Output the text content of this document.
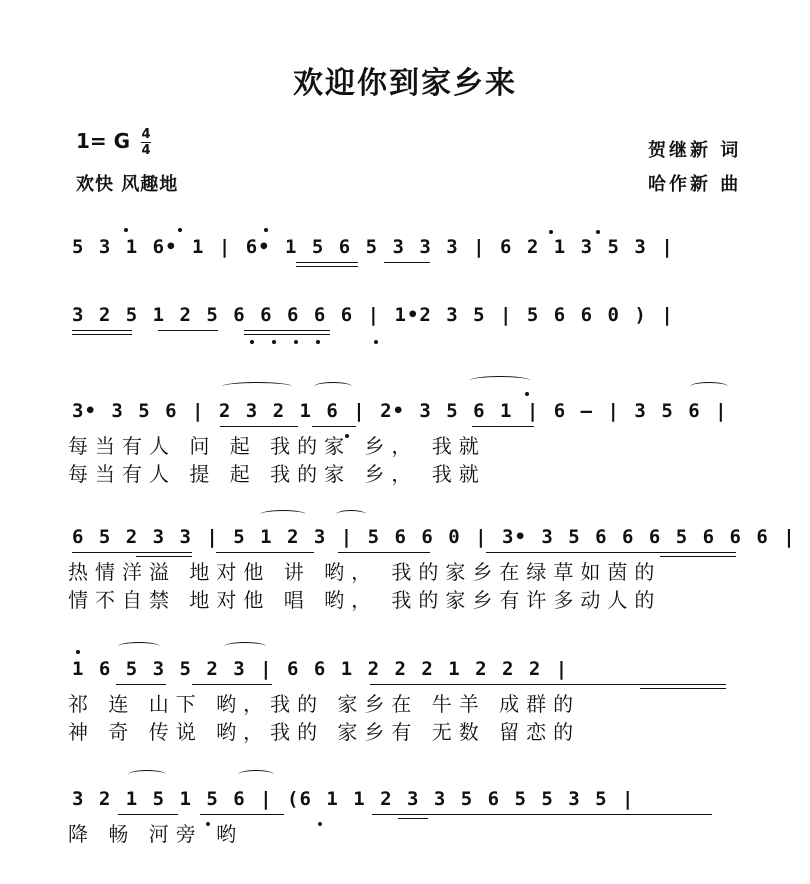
欢迎你到家乡来
1= G $\frac{4}{4}$
欢快 风趣地
贺继新 词
哈作新 曲
5 3 1 6• 1 | 6• 1 5 6 5 3 3 3 | 6 2 1 3 5 3 |
3 2 5 1 2 5 6 6 6 6 6 | 1•2 3 5 | 5 6 6 0 ) |
3• 3 5 6 | 2 3 2 1 6 | 2• 3 5 6 1 | 6 — | 3 5 6 |
每当有人 问 起 我的家 乡， 我就
每当有人 提 起 我的家 乡， 我就
6 5 2 3 3 | 5 1 2 3 | 5 6 6 0 | 3• 3 5 6 6 6 5 6 6 6 |
热情洋溢 地对他 讲 哟， 我的家乡在绿草如茵的
情不自禁 地对他 唱 哟， 我的家乡有许多动人的
1 6 5 3 5 2 3 | 6 6 1 2 2 2 1 2 2 2 |
祁 连 山下 哟，我的 家乡在 牛羊 成群的
神 奇 传说 哟，我的 家乡有 无数 留恋的
3 2 1 5 1 5 6 | (6 1 1 2 3 3 5 6 5 5 3 5 |
降 畅 河旁 哟
